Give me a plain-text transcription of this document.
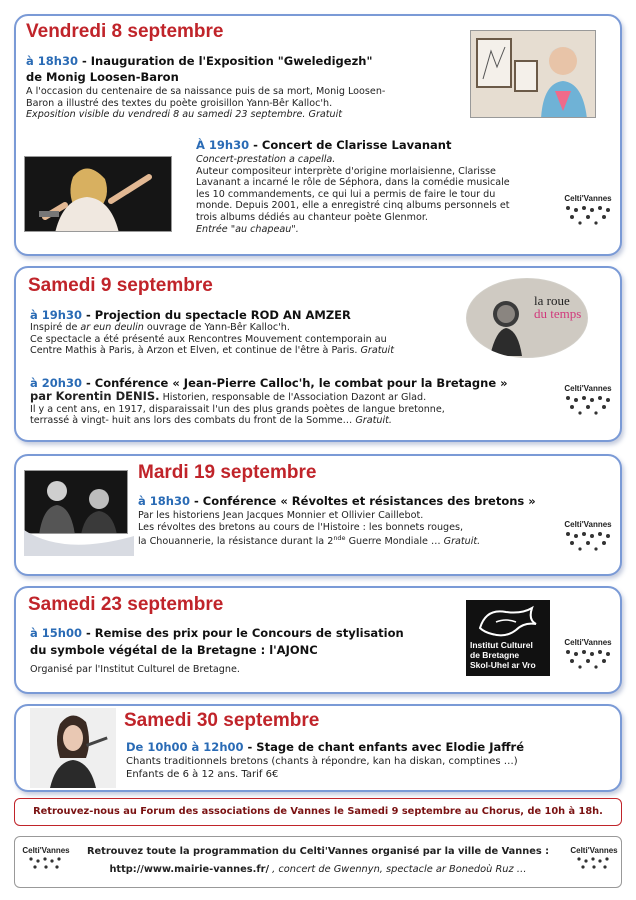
Vendredi 8 septembre
à 18h30 - Inauguration de l'Exposition "Gweledigezh"
de Monig Loosen-Baron
A l'occasion du centenaire de sa naissance puis de sa mort, Monig Loosen-
Baron a illustré des textes du poète groisillon Yann-Bêr Kalloc'h.
Exposition visible du vendredi 8 au samedi 23 septembre. Gratuit
À 19h30 - Concert de Clarisse Lavanant
Concert-prestation a capella.
Auteur compositeur interprète d'origine morlaisienne, Clarisse
Lavanant a incarné le rôle de Séphora, dans la comédie musicale
les 10 commandements, ce qui lui a permis de faire le tour du
monde. Depuis 2001, elle a enregistré cinq albums personnels et
trois albums dédiés au chanteur poète Glenmor.
Entrée "au chapeau".
Celti'Vannes
Samedi 9 septembre
la roue
du temps
à 19h30 - Projection du spectacle ROD AN AMZER
Inspiré de ar eun deulin ouvrage de Yann-Bêr Kalloc'h.
Ce spectacle a été présenté aux Rencontres Mouvement contemporain au
Centre Mathis à Paris, à Arzon et Elven, et continue de l'être à Paris. Gratuit
à 20h30 - Conférence « Jean-Pierre Calloc'h, le combat pour la Bretagne »
par Korentin DENIS. Historien, responsable de l'Association Dazont ar Glad.
Il y a cent ans, en 1917, disparaissait l'un des plus grands poètes de langue bretonne,
terrassé à vingt- huit ans lors des combats du front de la Somme… Gratuit.
Celti'Vannes
Mardi 19 septembre
à 18h30 - Conférence « Révoltes et résistances des bretons »
Par les historiens Jean Jacques Monnier et Ollivier Caillebot.
Les révoltes des bretons au cours de l'Histoire : les bonnets rouges,
la Chouannerie, la résistance durant la 2nde Guerre Mondiale … Gratuit.
Celti'Vannes
Samedi 23 septembre
à 15h00 - Remise des prix pour le Concours de stylisation
du symbole végétal de la Bretagne : l'AJONC
Organisé par l'Institut Culturel de Bretagne.
Institut Culturel
de Bretagne
Skol-Uhel ar Vro
Celti'Vannes
Samedi 30 septembre
De 10h00 à 12h00 - Stage de chant enfants avec Elodie Jaffré
Chants traditionnels bretons (chants à répondre, kan ha diskan, comptines …)
Enfants de 6 à 12 ans. Tarif 6€
Retrouvez-nous au Forum des associations de Vannes le Samedi 9 septembre au Chorus, de 10h à 18h.
Celti'Vannes	Retrouvez toute la programmation du Celti'Vannes organisé par la ville de Vannes :
http://www.mairie-vannes.fr/ , concert de Gwennyn, spectacle ar Bonedoù Ruz …
Celti'Vannes
